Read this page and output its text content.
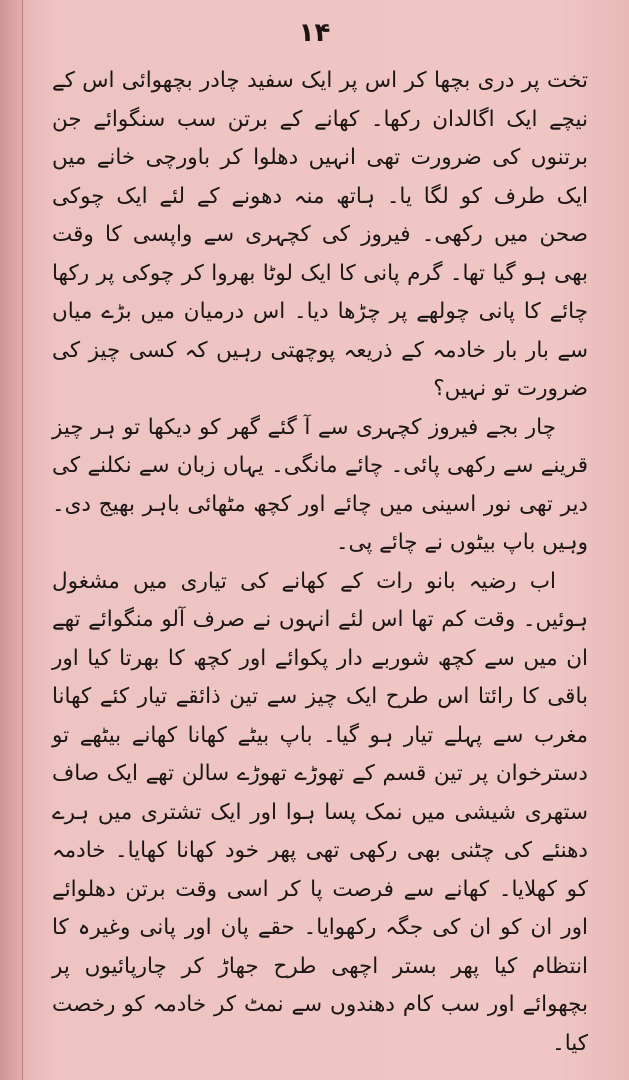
۱۴

تخت پر دری بچھا کر اس پر ایک سفید چادر بچھوائی اس کے نیچے ایک اگالدان رکھا۔ کھانے کے برتن سب سنگوائے جن برتنوں کی ضرورت تھی انہیں دھلوا کر باورچی خانے میں ایک طرف کو لگا یا۔ ہاتھ منہ دھونے کے لئے ایک چوکی صحن میں رکھی۔ فیروز کی کچہری سے واپسی کا وقت بھی ہو گیا تھا۔ گرم پانی کا ایک لوٹا بھروا کر چوکی پر رکھا چائے کا پانی چولھے پر چڑھا دیا۔ اس درمیان میں بڑے میاں سے بار بار خادمہ کے ذریعہ پوچھتی رہیں کہ کسی چیز کی ضرورت تو نہیں؟

چار بجے فیروز کچہری سے آ گئے گھر کو دیکھا تو ہر چیز قرینے سے رکھی پائی۔ چائے مانگی۔ یہاں زبان سے نکلنے کی دیر تھی نور اسینی میں چائے اور کچھ مٹھائی باہر بھیج دی۔ وہیں باپ بیٹوں نے چائے پی۔

اب رضیہ بانو رات کے کھانے کی تیاری میں مشغول ہوئیں۔ وقت کم تھا اس لئے انہوں نے صرف آلو منگوائے تھے ان میں سے کچھ شوربے دار پکوائے اور کچھ کا بھرتا کیا اور باقی کا رائتا اس طرح ایک چیز سے تین ذائقے تیار کئے کھانا مغرب سے پہلے تیار ہو گیا۔ باپ بیٹے کھانا کھانے بیٹھے تو دسترخوان پر تین قسم کے تھوڑے تھوڑے سالن تھے ایک صاف ستھری شیشی میں نمک پسا ہوا اور ایک تشتری میں ہرے دھنئے کی چٹنی بھی رکھی تھی پھر خود کھانا کھایا۔ خادمہ کو کھلایا۔ کھانے سے فرصت پا کر اسی وقت برتن دھلوائے اور ان کو ان کی جگہ رکھوایا۔ حقے پان اور پانی وغیرہ کا انتظام کیا پھر بستر اچھی طرح جھاڑ کر چارپائیوں پر بچھوائے اور سب کام دھندوں سے نمٹ کر خادمہ کو رخصت کیا۔
